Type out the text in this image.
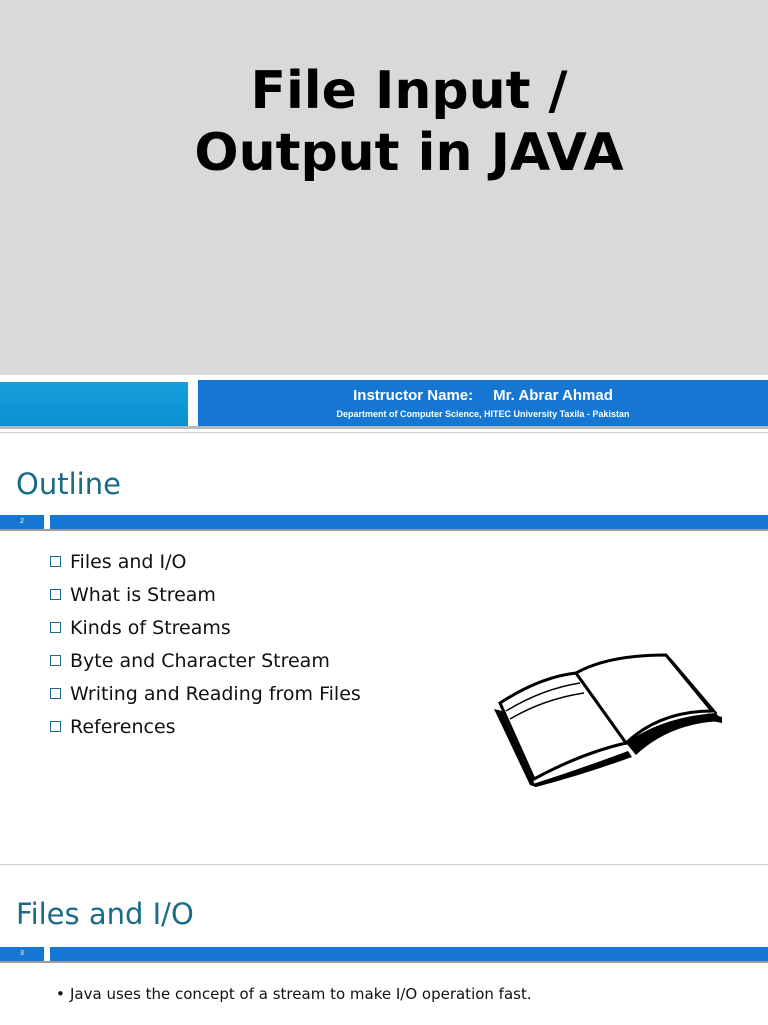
File Input /
Output in JAVA
Instructor Name: Mr. Abrar Ahmad
Department of Computer Science, HITEC University Taxila - Pakistan
Outline
2
Files and I/O
What is Stream
Kinds of Streams
Byte and Character Stream
Writing and Reading from Files
References
Files and I/O
3
• Java uses the concept of a stream to make I/O operation fast.
